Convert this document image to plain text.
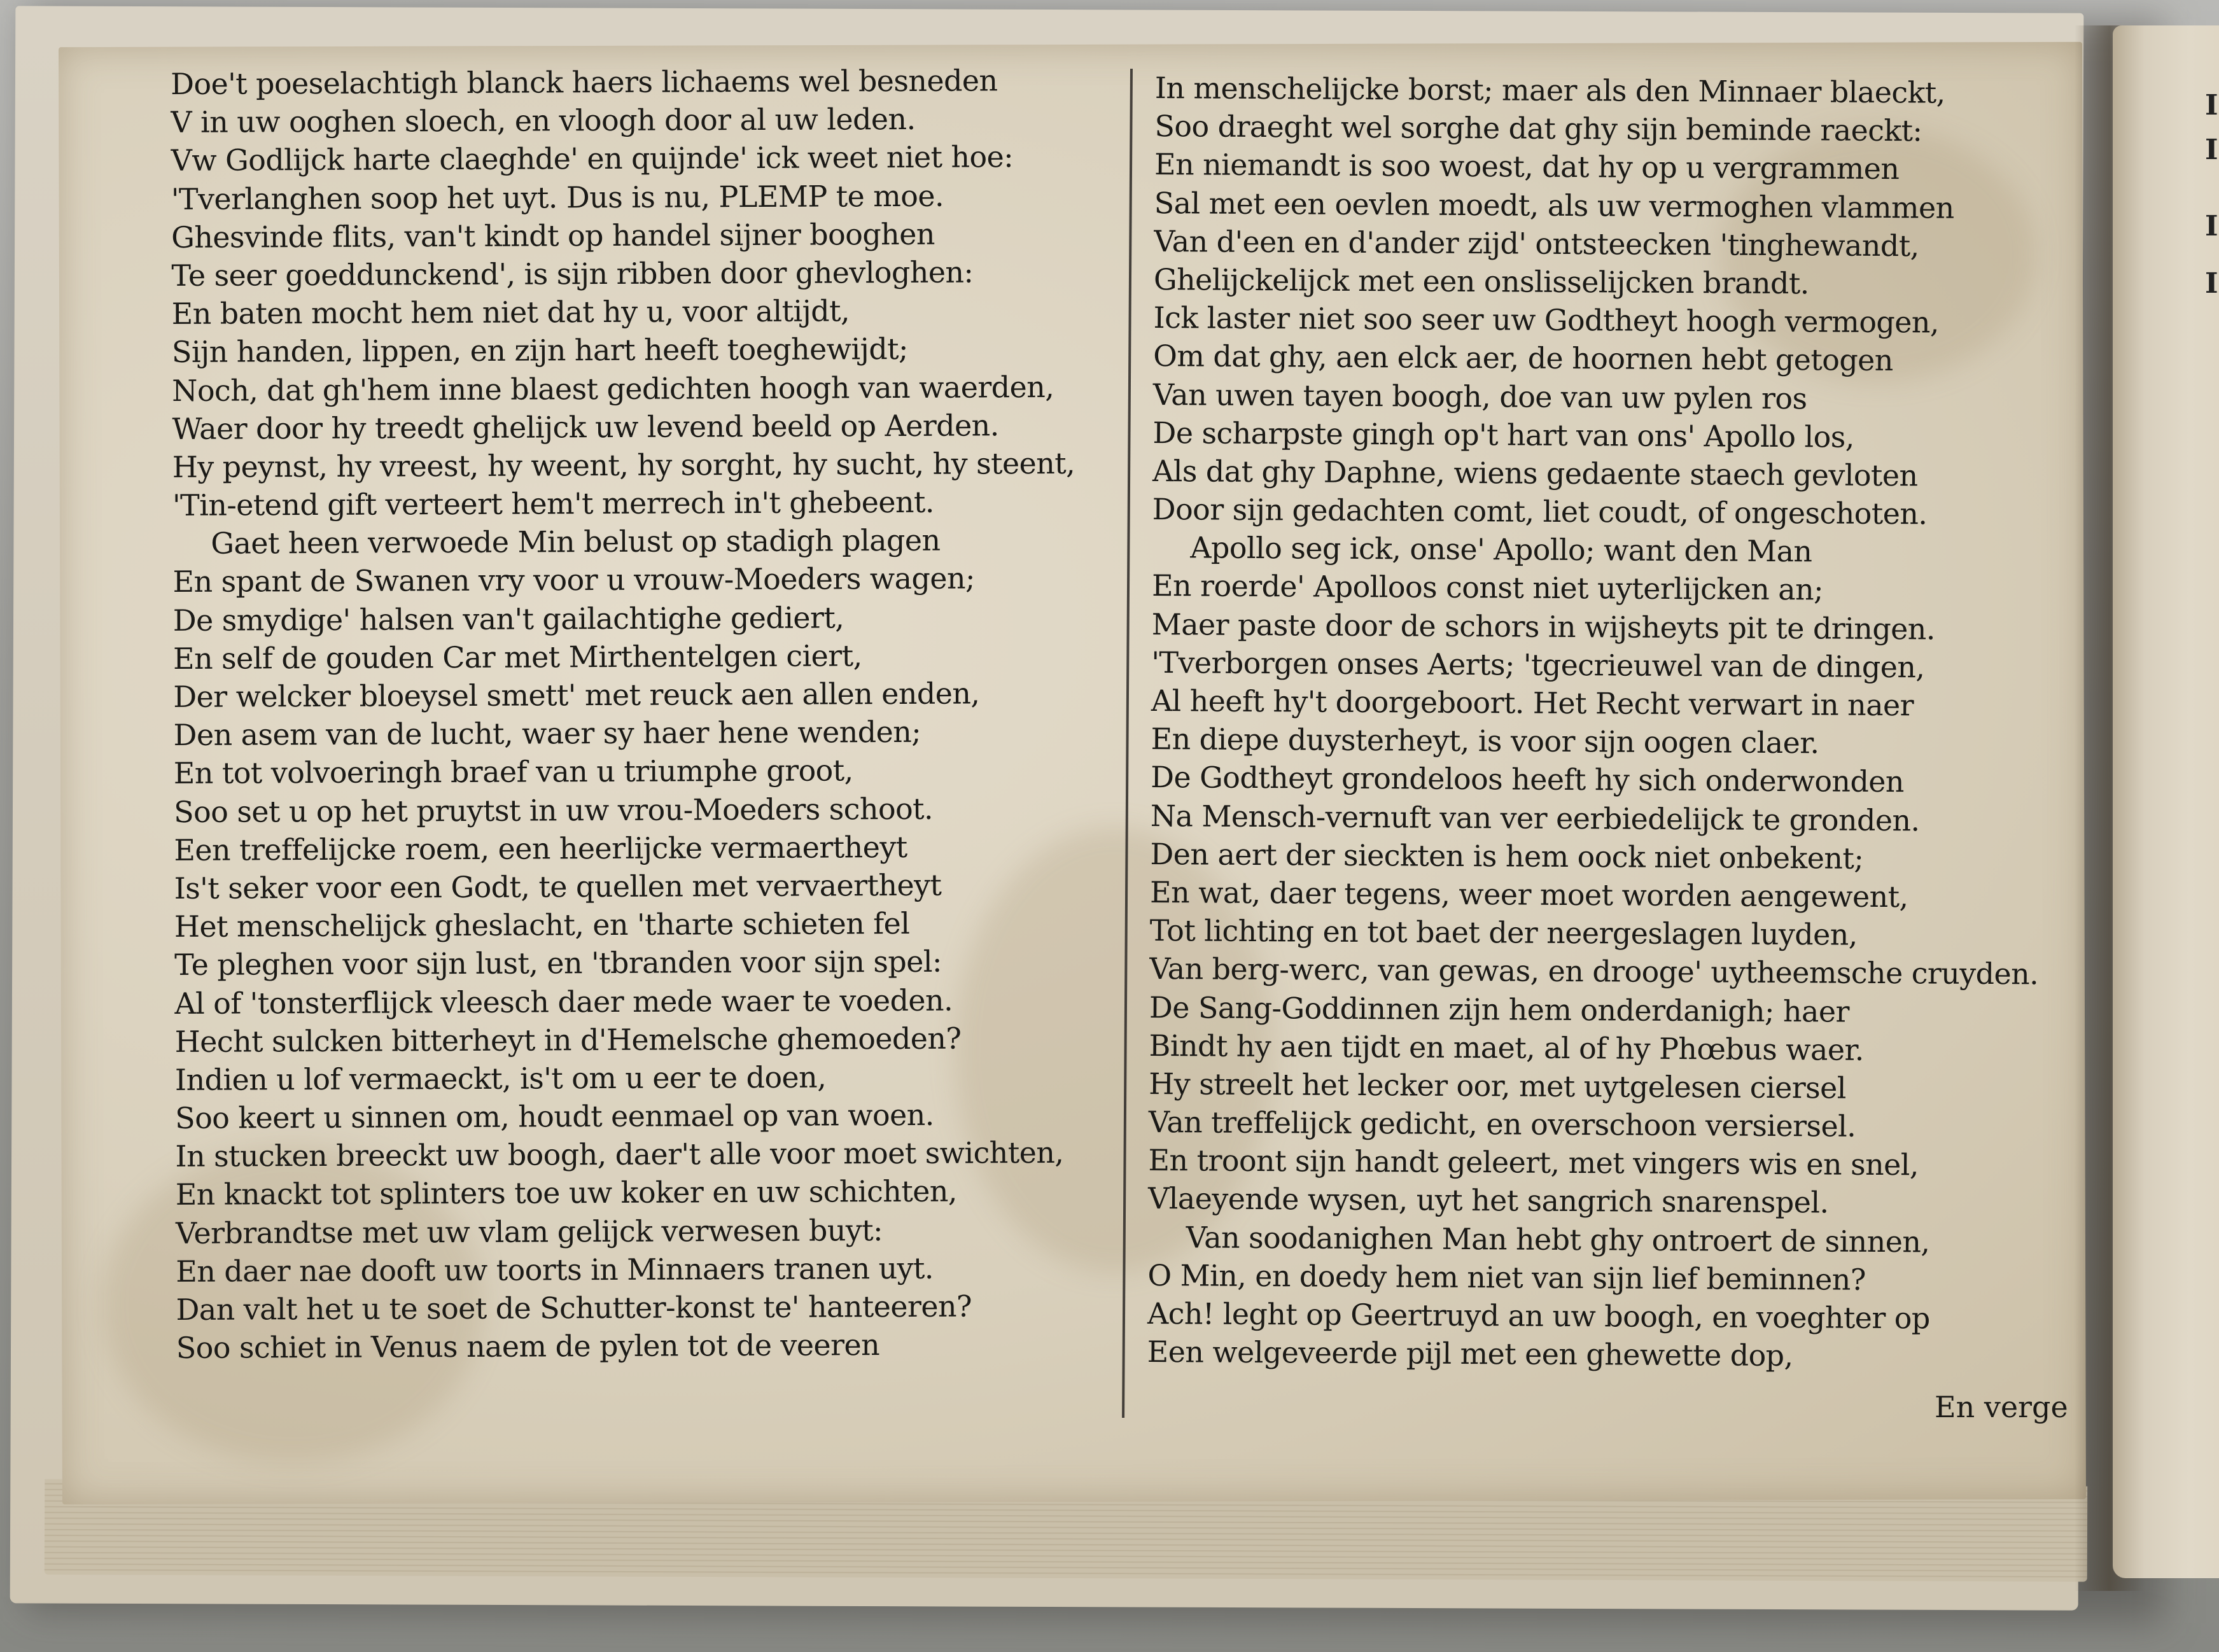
I
I
I
I
Doe't poeselachtigh blanck haers lichaems wel besneden
V in uw ooghen sloech, en vloogh door al uw leden.
Vw Godlijck harte claeghde' en quijnde' ick weet niet hoe:
'Tverlanghen soop het uyt. Dus is nu, PLEMP te moe.
Ghesvinde flits, van't kindt op handel sijner booghen
Te seer goeddunckend', is sijn ribben door ghevloghen:
En baten mocht hem niet dat hy u, voor altijdt,
Sijn handen, lippen, en zijn hart heeft toeghewijdt;
Noch, dat gh'hem inne blaest gedichten hoogh van waerden,
Waer door hy treedt ghelijck uw levend beeld op Aerden.
Hy peynst, hy vreest, hy weent, hy sorght, hy sucht, hy steent,
'Tin-etend gift verteert hem't merrech in't ghebeent.
Gaet heen verwoede Min belust op stadigh plagen
En spant de Swanen vry voor u vrouw-Moeders wagen;
De smydige' halsen van't gailachtighe gediert,
En self de gouden Car met Mirthentelgen ciert,
Der welcker bloeysel smett' met reuck aen allen enden,
Den asem van de lucht, waer sy haer hene wenden;
En tot volvoeringh braef van u triumphe groot,
Soo set u op het pruytst in uw vrou-Moeders schoot.
Een treffelijcke roem, een heerlijcke vermaertheyt
Is't seker voor een Godt, te quellen met vervaertheyt
Het menschelijck gheslacht, en 'tharte schieten fel
Te pleghen voor sijn lust, en 'tbranden voor sijn spel:
Al of 'tonsterflijck vleesch daer mede waer te voeden.
Hecht sulcken bitterheyt in d'Hemelsche ghemoeden?
Indien u lof vermaeckt, is't om u eer te doen,
Soo keert u sinnen om, houdt eenmael op van woen.
In stucken breeckt uw boogh, daer't alle voor moet swichten,
En knackt tot splinters toe uw koker en uw schichten,
Verbrandtse met uw vlam gelijck verwesen buyt:
En daer nae dooft uw toorts in Minnaers tranen uyt.
Dan valt het u te soet de Schutter-konst te' hanteeren?
Soo schiet in Venus naem de pylen tot de veeren
In menschelijcke borst; maer als den Minnaer blaeckt,
Soo draeght wel sorghe dat ghy sijn beminde raeckt:
En niemandt is soo woest, dat hy op u vergrammen
Sal met een oevlen moedt, als uw vermoghen vlammen
Van d'een en d'ander zijd' ontsteecken 'tinghewandt,
Ghelijckelijck met een onslisselijcken brandt.
Ick laster niet soo seer uw Godtheyt hoogh vermogen,
Om dat ghy, aen elck aer, de hoornen hebt getogen
Van uwen tayen boogh, doe van uw pylen ros
De scharpste gingh op't hart van ons' Apollo los,
Als dat ghy Daphne, wiens gedaente staech gevloten
Door sijn gedachten comt, liet coudt, of ongeschoten.
Apollo seg ick, onse' Apollo; want den Man
En roerde' Apolloos const niet uyterlijcken an;
Maer paste door de schors in wijsheyts pit te dringen.
'Tverborgen onses Aerts; 'tgecrieuwel van de dingen,
Al heeft hy't doorgeboort. Het Recht verwart in naer
En diepe duysterheyt, is voor sijn oogen claer.
De Godtheyt grondeloos heeft hy sich onderwonden
Na Mensch-vernuft van ver eerbiedelijck te gronden.
Den aert der sieckten is hem oock niet onbekent;
En wat, daer tegens, weer moet worden aengewent,
Tot lichting en tot baet der neergeslagen luyden,
Van berg-werc, van gewas, en drooge' uytheemsche cruyden.
De Sang-Goddinnen zijn hem onderdanigh; haer
Bindt hy aen tijdt en maet, al of hy Phœbus waer.
Hy streelt het lecker oor, met uytgelesen ciersel
Van treffelijck gedicht, en overschoon versiersel.
En troont sijn handt geleert, met vingers wis en snel,
Vlaeyende wysen, uyt het sangrich snarenspel.
Van soodanighen Man hebt ghy ontroert de sinnen,
O Min, en doedy hem niet van sijn lief beminnen?
Ach! leght op Geertruyd an uw boogh, en voeghter op
Een welgeveerde pijl met een ghewette dop,
En verge
